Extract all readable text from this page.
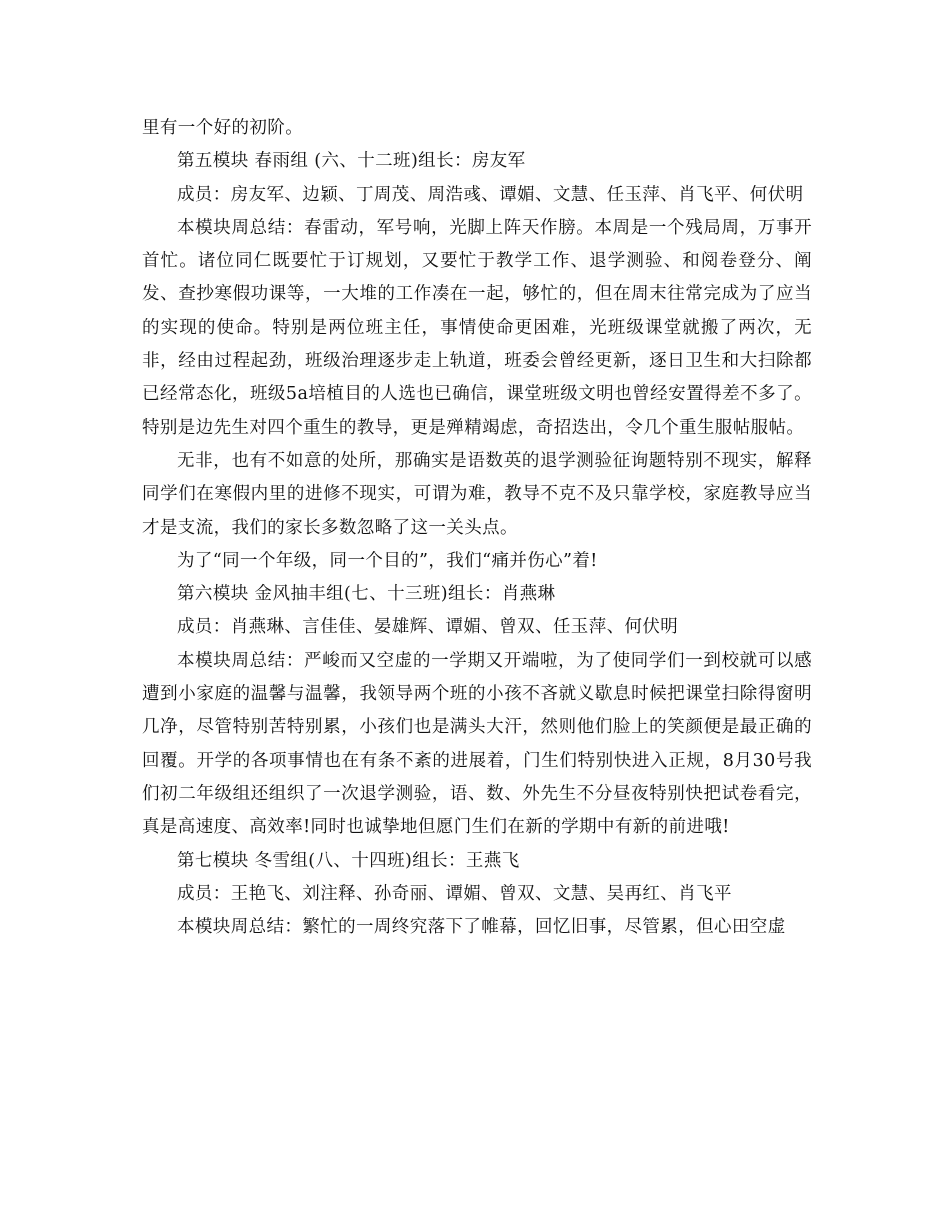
里有一个好的初阶。

第五模块 春雨组 (六、十二班)组长：房友军

成员：房友军、边颖、丁周茂、周浩彧、谭媚、文慧、任玉萍、肖飞平、何伏明

本模块周总结：春雷动，军号响，光脚上阵天作膀。本周是一个残局周，万事开首忙。诸位同仁既要忙于订规划，又要忙于教学工作、退学测验、和阅卷登分、阐发、查抄寒假功课等，一大堆的工作凑在一起，够忙的，但在周末往常完成为了应当的实现的使命。特别是两位班主任，事情使命更困难，光班级课堂就搬了两次，无非，经由过程起劲，班级治理逐步走上轨道，班委会曾经更新，逐日卫生和大扫除都已经常态化，班级5a培植目的人选也已确信，课堂班级文明也曾经安置得差不多了。特别是边先生对四个重生的教导，更是殚精竭虑，奇招迭出，令几个重生服帖服帖。

无非，也有不如意的处所，那确实是语数英的退学测验征询题特别不现实，解释同学们在寒假内里的进修不现实，可谓为难，教导不克不及只靠学校，家庭教导应当才是支流，我们的家长多数忽略了这一关头点。

为了“同一个年级，同一个目的”，我们“痛并伤心”着!

第六模块 金风抽丰组(七、十三班)组长：肖燕琳

成员：肖燕琳、言佳佳、晏雄辉、谭媚、曾双、任玉萍、何伏明

本模块周总结：严峻而又空虚的一学期又开端啦，为了使同学们一到校就可以感遭到小家庭的温馨与温馨，我领导两个班的小孩不吝就义歇息时候把课堂扫除得窗明几净，尽管特别苦特别累，小孩们也是满头大汗，然则他们脸上的笑颜便是最正确的回覆。开学的各项事情也在有条不紊的进展着，门生们特别快进入正规，8月30号我们初二年级组还组织了一次退学测验，语、数、外先生不分昼夜特别快把试卷看完，真是高速度、高效率!同时也诚挚地但愿门生们在新的学期中有新的前进哦!

第七模块 冬雪组(八、十四班)组长：王燕飞

成员：王艳飞、刘注释、孙奇丽、谭媚、曾双、文慧、吴再红、肖飞平

本模块周总结：繁忙的一周终究落下了帷幕，回忆旧事，尽管累，但心田空虚
